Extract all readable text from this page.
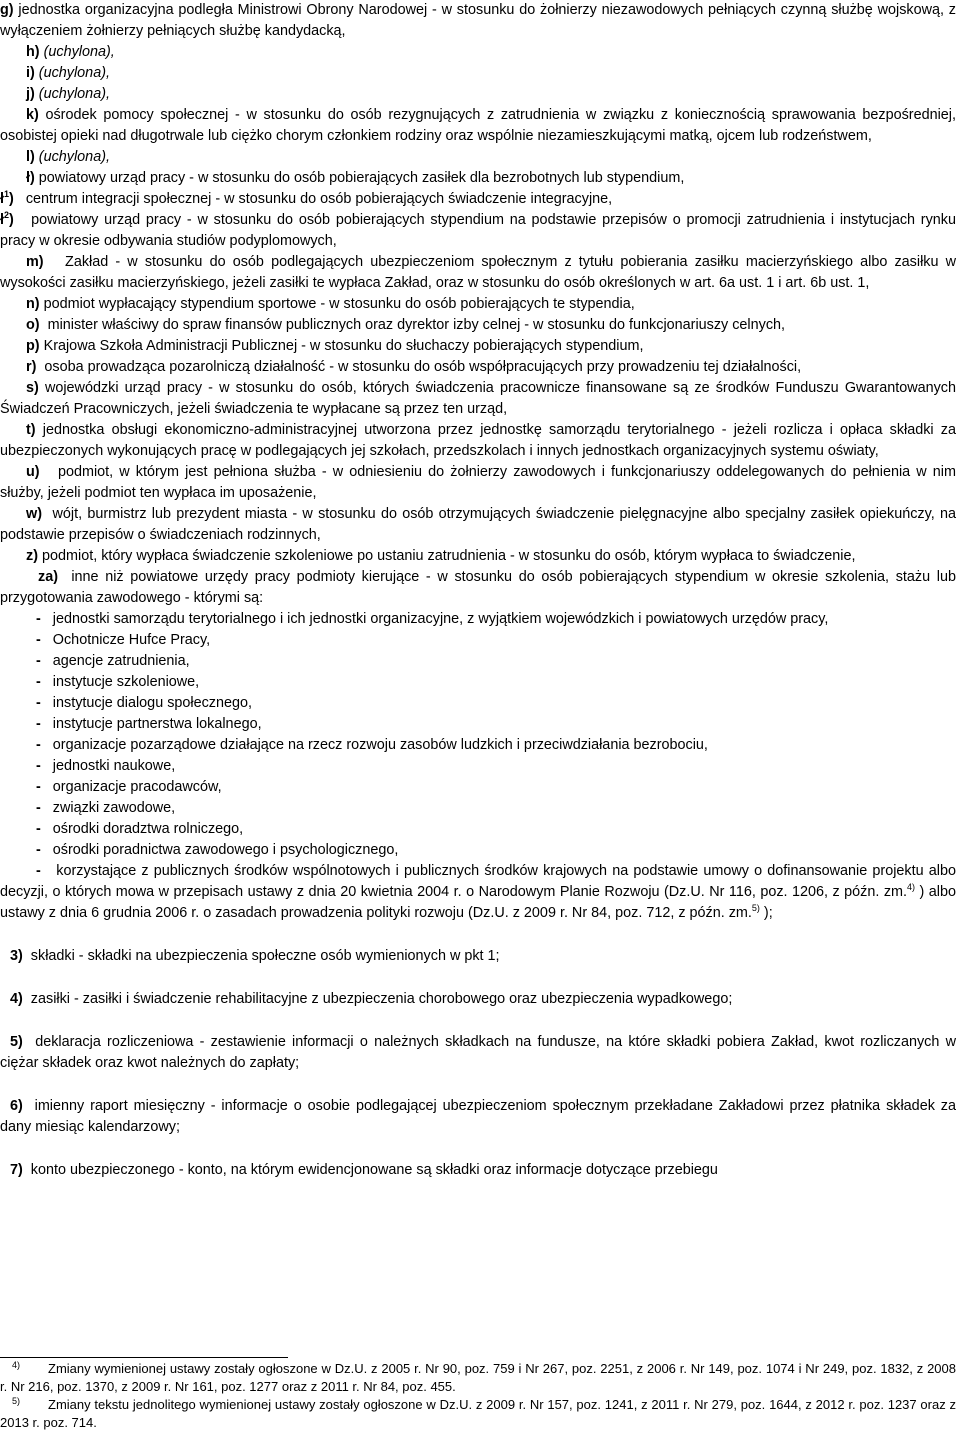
g) jednostka organizacyjna podległa Ministrowi Obrony Narodowej - w stosunku do żołnierzy niezawodowych pełniących czynną służbę wojskową, z wyłączeniem żołnierzy pełniących służbę kandydacką,

h) (uchylona),

i) (uchylona),

j) (uchylona),

k) ośrodek pomocy społecznej - w stosunku do osób rezygnujących z zatrudnienia w związku z koniecznością sprawowania bezpośredniej, osobistej opieki nad długotrwale lub ciężko chorym członkiem rodziny oraz wspólnie niezamieszkującymi matką, ojcem lub rodzeństwem,

l) (uchylona),

ł) powiatowy urząd pracy - w stosunku do osób pobierających zasiłek dla bezrobotnych lub stypendium,

$ł^1$) centrum integracji społecznej - w stosunku do osób pobierających świadczenie integracyjne,

$ł^2$) powiatowy urząd pracy - w stosunku do osób pobierających stypendium na podstawie przepisów o promocji zatrudnienia i instytucjach rynku pracy w okresie odbywania studiów podyplomowych,

m) Zakład - w stosunku do osób podlegających ubezpieczeniom społecznym z tytułu pobierania zasiłku macierzyńskiego albo zasiłku w wysokości zasiłku macierzyńskiego, jeżeli zasiłki te wypłaca Zakład, oraz w stosunku do osób określonych w art. 6a ust. 1 i art. 6b ust. 1,

n) podmiot wypłacający stypendium sportowe - w stosunku do osób pobierających te stypendia,

o) minister właściwy do spraw finansów publicznych oraz dyrektor izby celnej - w stosunku do funkcjonariuszy celnych,

p) Krajowa Szkoła Administracji Publicznej - w stosunku do słuchaczy pobierających stypendium,

r) osoba prowadząca pozarolniczą działalność - w stosunku do osób współpracujących przy prowadzeniu tej działalności,

s) wojewódzki urząd pracy - w stosunku do osób, których świadczenia pracownicze finansowane są ze środków Funduszu Gwarantowanych Świadczeń Pracowniczych, jeżeli świadczenia te wypłacane są przez ten urząd,

t) jednostka obsługi ekonomiczno-administracyjnej utworzona przez jednostkę samorządu terytorialnego - jeżeli rozlicza i opłaca składki za ubezpieczonych wykonujących pracę w podlegających jej szkołach, przedszkolach i innych jednostkach organizacyjnych systemu oświaty,

u) podmiot, w którym jest pełniona służba - w odniesieniu do żołnierzy zawodowych i funkcjonariuszy oddelegowanych do pełnienia w nim służby, jeżeli podmiot ten wypłaca im uposażenie,

w) wójt, burmistrz lub prezydent miasta - w stosunku do osób otrzymujących świadczenie pielęgnacyjne albo specjalny zasiłek opiekuńczy, na podstawie przepisów o świadczeniach rodzinnych,

z) podmiot, który wypłaca świadczenie szkoleniowe po ustaniu zatrudnienia - w stosunku do osób, którym wypłaca to świadczenie,

za) inne niż powiatowe urzędy pracy podmioty kierujące - w stosunku do osób pobierających stypendium w okresie szkolenia, stażu lub przygotowania zawodowego - którymi są:

- jednostki samorządu terytorialnego i ich jednostki organizacyjne, z wyjątkiem wojewódzkich i powiatowych urzędów pracy,

- Ochotnicze Hufce Pracy,

- agencje zatrudnienia,

- instytucje szkoleniowe,

- instytucje dialogu społecznego,

- instytucje partnerstwa lokalnego,

- organizacje pozarządowe działające na rzecz rozwoju zasobów ludzkich i przeciwdziałania bezrobociu,

- jednostki naukowe,

- organizacje pracodawców,

- związki zawodowe,

- ośrodki doradztwa rolniczego,

- ośrodki poradnictwa zawodowego i psychologicznego,

- korzystające z publicznych środków wspólnotowych i publicznych środków krajowych na podstawie umowy o dofinansowanie projektu albo decyzji, o których mowa w przepisach ustawy z dnia 20 kwietnia 2004 r. o Narodowym Planie Rozwoju (Dz.U. Nr 116, poz. 1206, z późn. zm.$^{4)}$ ) albo ustawy z dnia 6 grudnia 2006 r. o zasadach prowadzenia polityki rozwoju (Dz.U. z 2009 r. Nr 84, poz. 712, z późn. zm.$^{5)}$ );

3) składki - składki na ubezpieczenia społeczne osób wymienionych w pkt 1;

4) zasiłki - zasiłki i świadczenie rehabilitacyjne z ubezpieczenia chorobowego oraz ubezpieczenia wypadkowego;

5) deklaracja rozliczeniowa - zestawienie informacji o należnych składkach na fundusze, na które składki pobiera Zakład, kwot rozliczanych w ciężar składek oraz kwot należnych do zapłaty;

6) imienny raport miesięczny - informacje o osobie podlegającej ubezpieczeniom społecznym przekładane Zakładowi przez płatnika składek za dany miesiąc kalendarzowy;

7) konto ubezpieczonego - konto, na którym ewidencjonowane są składki oraz informacje dotyczące przebiegu

$^{4)}$ Zmiany wymienionej ustawy zostały ogłoszone w Dz.U. z 2005 r. Nr 90, poz. 759 i Nr 267, poz. 2251, z 2006 r. Nr 149, poz. 1074 i Nr 249, poz. 1832, z 2008 r. Nr 216, poz. 1370, z 2009 r. Nr 161, poz. 1277 oraz z 2011 r. Nr 84, poz. 455.

$^{5)}$ Zmiany tekstu jednolitego wymienionej ustawy zostały ogłoszone w Dz.U. z 2009 r. Nr 157, poz. 1241, z 2011 r. Nr 279, poz. 1644, z 2012 r. poz. 1237 oraz z 2013 r. poz. 714.
